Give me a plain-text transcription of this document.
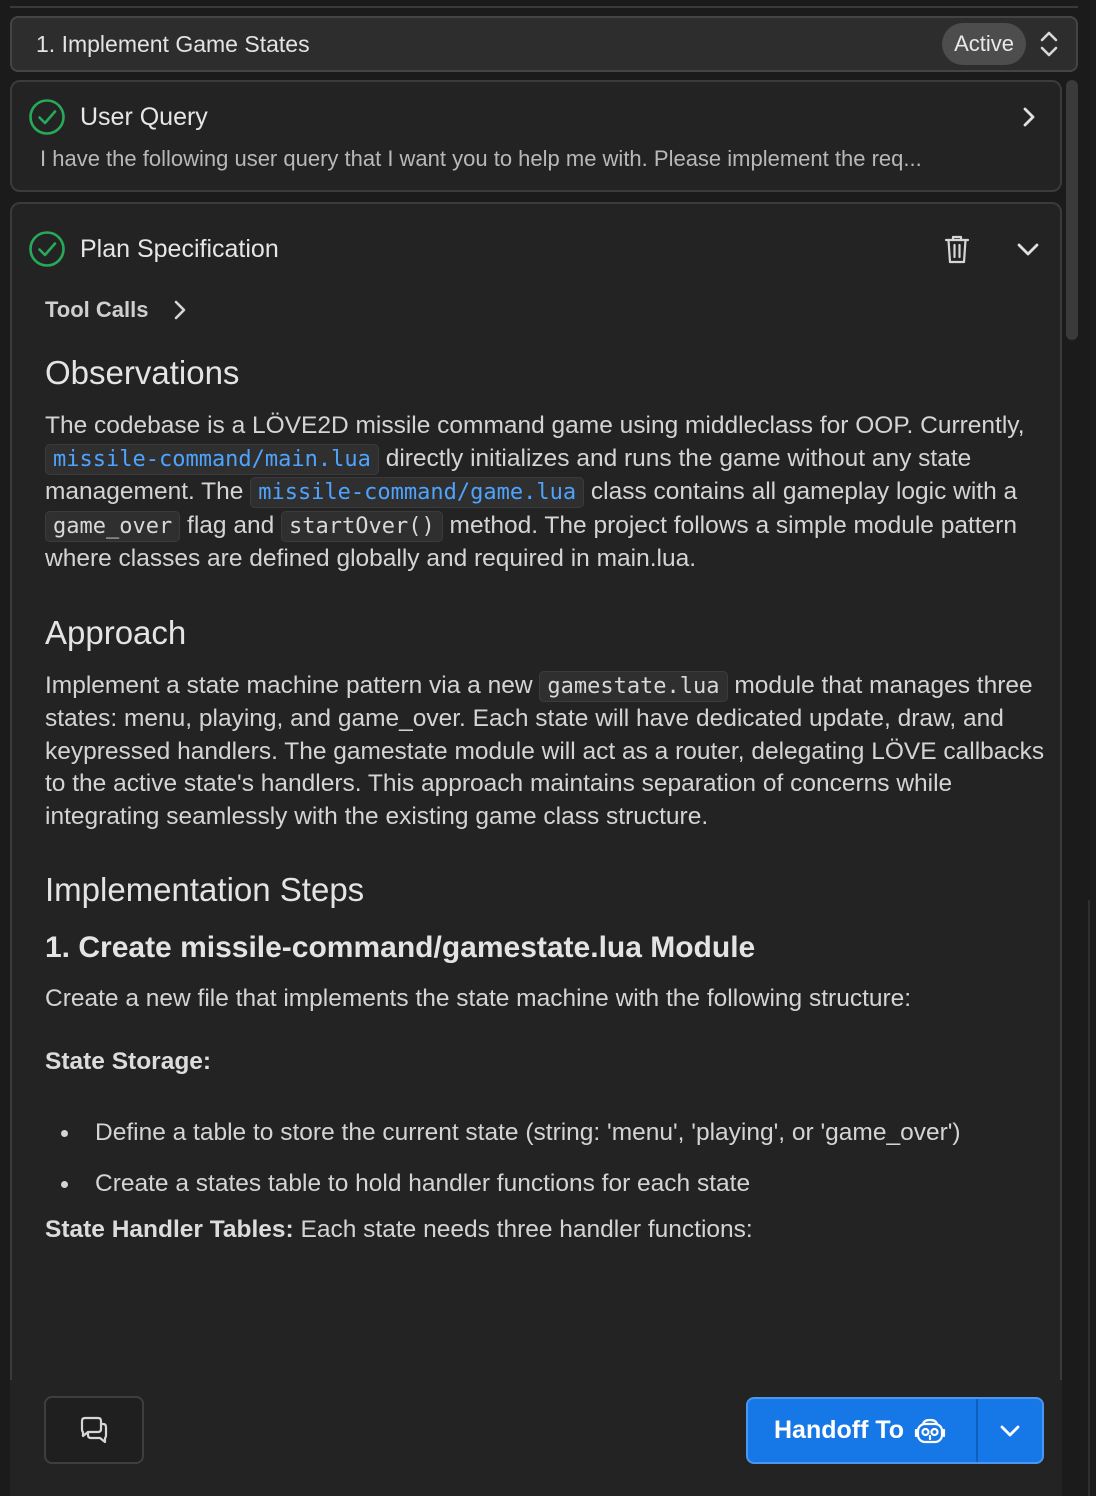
1. Implement Game States	Active
User Query
I have the following user query that I want you to help me with. Please implement the req...
Plan Specification
Tool Calls
Observations

The codebase is a LÖVE2D missile command game using middleclass for OOP. Currently, missile-command/main.lua directly initializes and runs the game without any state management. The missile-command/game.lua class contains all gameplay logic with a game_over flag and startOver() method. The project follows a simple module pattern where classes are defined globally and required in main.lua.

Approach

Implement a state machine pattern via a new gamestate.lua module that manages three states: menu, playing, and game_over. Each state will have dedicated update, draw, and keypressed handlers. The gamestate module will act as a router, delegating LÖVE callbacks to the active state's handlers. This approach maintains separation of concerns while integrating seamlessly with the existing game class structure.

Implementation Steps
1. Create missile-command/gamestate.lua Module

Create a new file that implements the state machine with the following structure:

State Storage:

Define a table to store the current state (string: 'menu', 'playing', or 'game_over')
Create a states table to hold handler functions for each state

State Handler Tables: Each state needs three handler functions:

Handoff To
